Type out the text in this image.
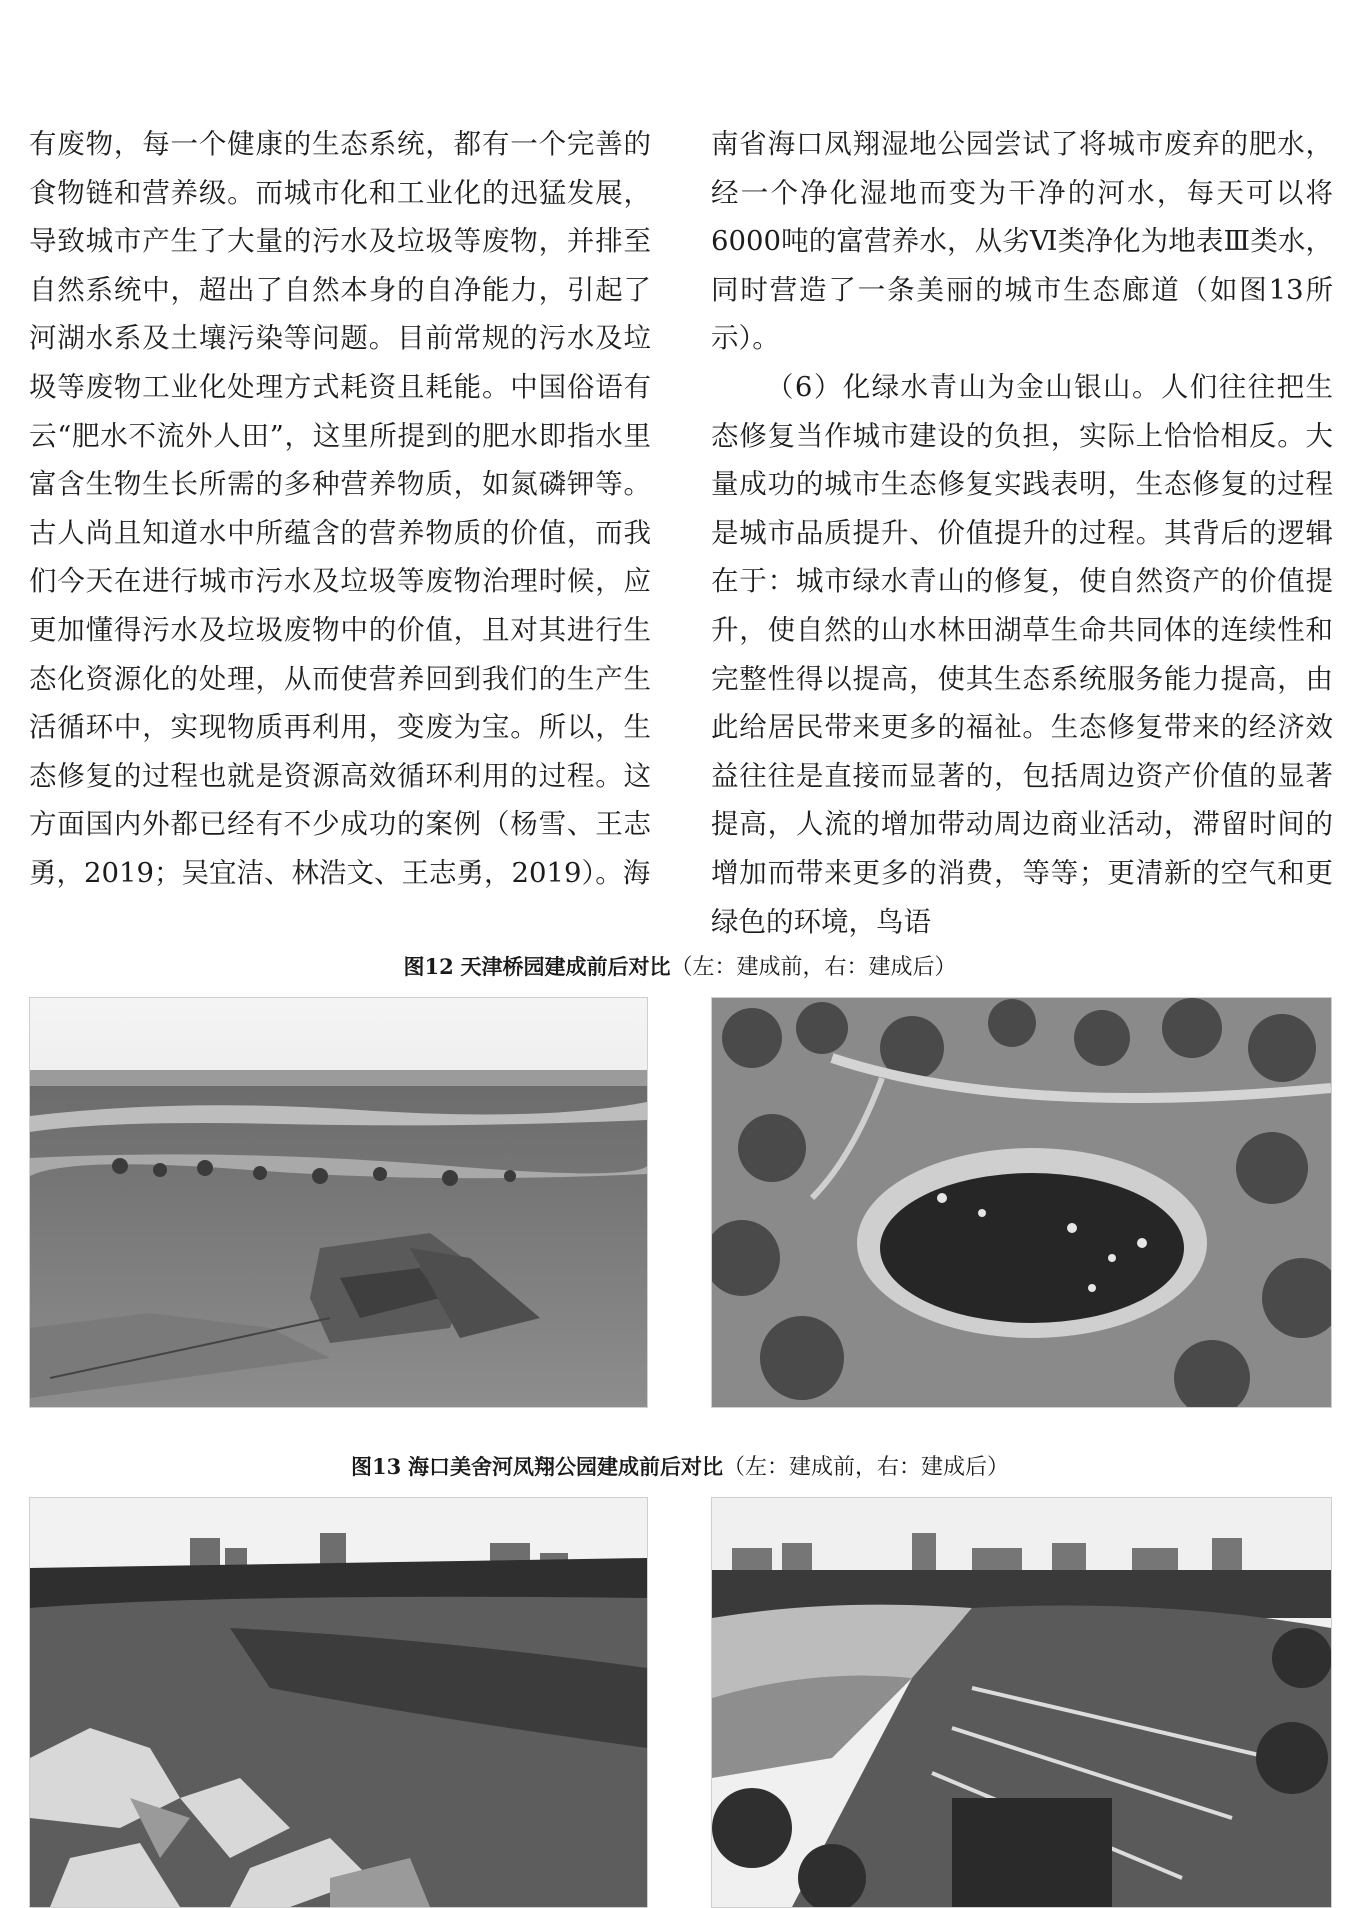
有废物，每一个健康的生态系统，都有一个完善的食物链和营养级。而城市化和工业化的迅猛发展，导致城市产生了大量的污水及垃圾等废物，并排至自然系统中，超出了自然本身的自净能力，引起了河湖水系及土壤污染等问题。目前常规的污水及垃圾等废物工业化处理方式耗资且耗能。中国俗语有云“肥水不流外人田”，这里所提到的肥水即指水里富含生物生长所需的多种营养物质，如氮磷钾等。古人尚且知道水中所蕴含的营养物质的价值，而我们今天在进行城市污水及垃圾等废物治理时候，应更加懂得污水及垃圾废物中的价值，且对其进行生态化资源化的处理，从而使营养回到我们的生产生活循环中，实现物质再利用，变废为宝。所以，生态修复的过程也就是资源高效循环利用的过程。这方面国内外都已经有不少成功的案例（杨雪、王志勇，2019；吴宜洁、林浩文、王志勇，2019）。海

南省海口凤翔湿地公园尝试了将城市废弃的肥水，经一个净化湿地而变为干净的河水，每天可以将6000吨的富营养水，从劣Ⅵ类净化为地表Ⅲ类水，同时营造了一条美丽的城市生态廊道（如图13所示）。

（6）化绿水青山为金山银山。人们往往把生态修复当作城市建设的负担，实际上恰恰相反。大量成功的城市生态修复实践表明，生态修复的过程是城市品质提升、价值提升的过程。其背后的逻辑在于：城市绿水青山的修复，使自然资产的价值提升，使自然的山水林田湖草生命共同体的连续性和完整性得以提高，使其生态系统服务能力提高，由此给居民带来更多的福祉。生态修复带来的经济效益往往是直接而显著的，包括周边资产价值的显著提高，人流的增加带动周边商业活动，滞留时间的增加而带来更多的消费，等等；更清新的空气和更绿色的环境，鸟语

图12 天津桥园建成前后对比（左：建成前，右：建成后）
图13 海口美舍河凤翔公园建成前后对比（左：建成前，右：建成后）
